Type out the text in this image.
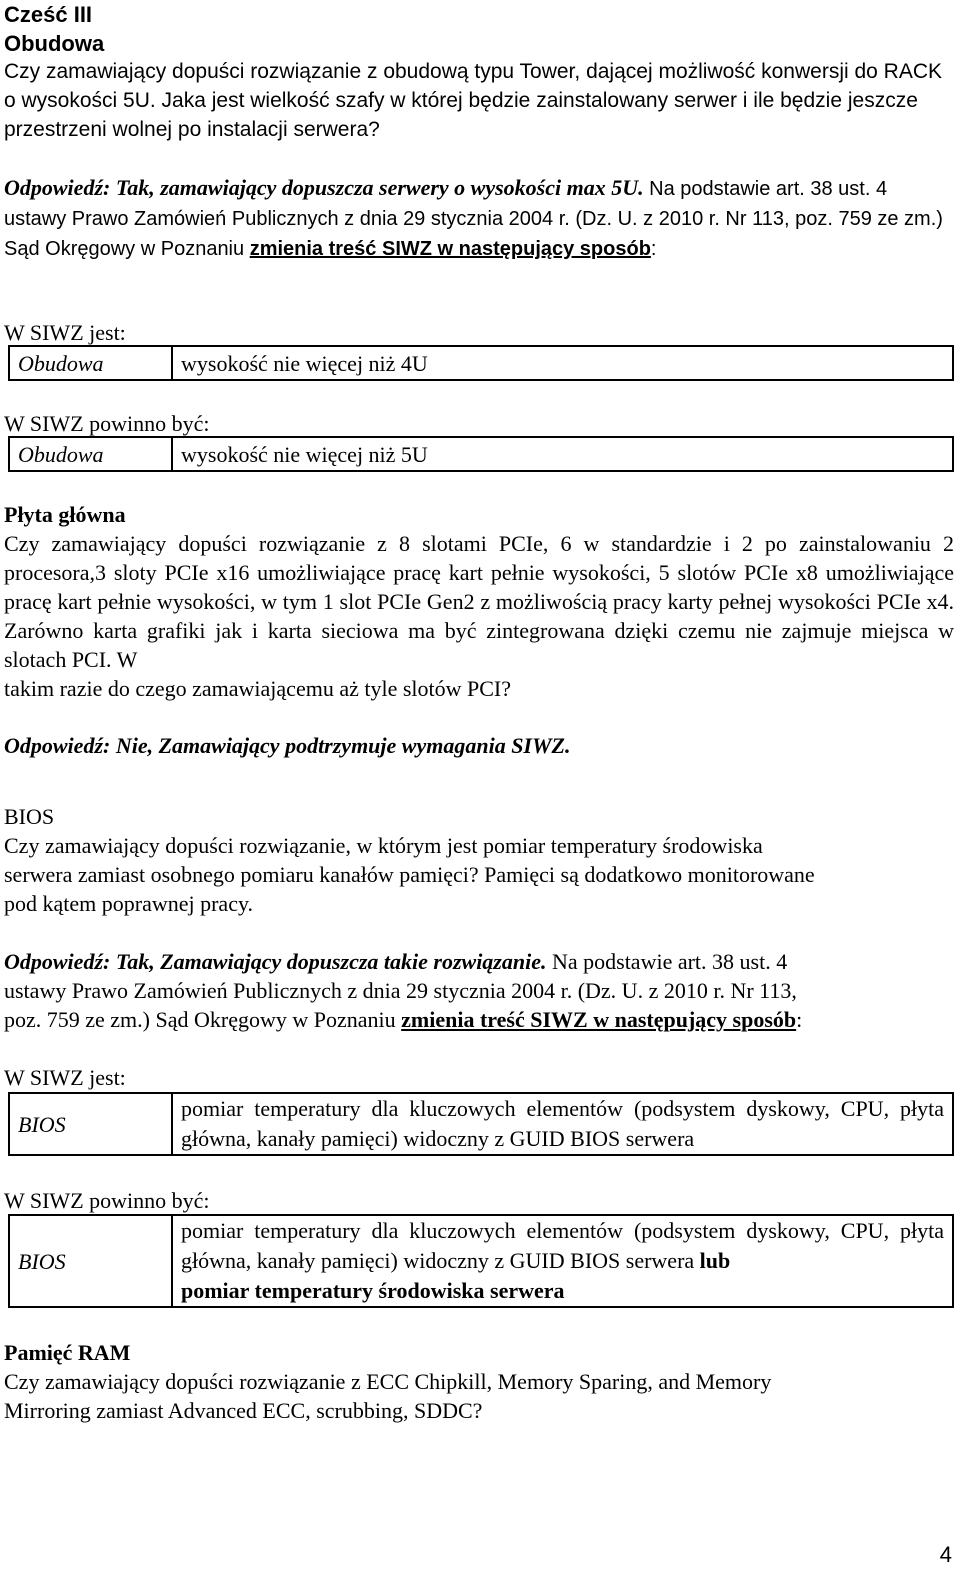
Cześć III

Obudowa

Czy zamawiający dopuści rozwiązanie z obudową typu Tower, dającej możliwość konwersji do RACK o wysokości 5U. Jaka jest wielkość szafy w której będzie zainstalowany serwer i ile będzie jeszcze przestrzeni wolnej po instalacji serwera?

Odpowiedź: Tak, zamawiający dopuszcza serwery o wysokości max 5U. Na podstawie art. 38 ust. 4 ustawy Prawo Zamówień Publicznych z dnia 29 stycznia 2004 r. (Dz. U. z 2010 r. Nr 113, poz. 759 ze zm.) Sąd Okręgowy w Poznaniu zmienia treść SIWZ w następujący sposób:

W SIWZ jest:

Obudowa	wysokość nie więcej niż 4U

W SIWZ powinno być:

Obudowa	wysokość nie więcej niż 5U

Płyta główna

Czy zamawiający dopuści rozwiązanie z 8 slotami PCIe, 6 w standardzie i 2 po zainstalowaniu 2 procesora,3 sloty PCIe x16 umożliwiające pracę kart pełnie wysokości, 5 slotów PCIe x8 umożliwiające pracę kart pełnie wysokości, w tym 1 slot PCIe Gen2 z możliwością pracy karty pełnej wysokości PCIe x4. Zarówno karta grafiki jak i karta sieciowa ma być zintegrowana dzięki czemu nie zajmuje miejsca w slotach PCI. W

takim razie do czego zamawiającemu aż tyle slotów PCI?

Odpowiedź: Nie, Zamawiający podtrzymuje wymagania SIWZ.

BIOS

Czy zamawiający dopuści rozwiązanie, w którym jest pomiar temperatury środowiska

serwera zamiast osobnego pomiaru kanałów pamięci? Pamięci są dodatkowo monitorowane

pod kątem poprawnej pracy.

Odpowiedź: Tak, Zamawiający dopuszcza takie rozwiązanie. Na podstawie art. 38 ust. 4

ustawy Prawo Zamówień Publicznych z dnia 29 stycznia 2004 r. (Dz. U. z 2010 r. Nr 113,

poz. 759 ze zm.) Sąd Okręgowy w Poznaniu zmienia treść SIWZ w następujący sposób:

W SIWZ jest:

BIOS	pomiar temperatury dla kluczowych elementów (podsystem dyskowy, CPU, płyta główna, kanały pamięci) widoczny z GUID BIOS serwera

W SIWZ powinno być:

BIOS	pomiar temperatury dla kluczowych elementów (podsystem dyskowy, CPU, płyta główna, kanały pamięci) widoczny z GUID BIOS serwera lub
pomiar temperatury środowiska serwera

Pamięć RAM

Czy zamawiający dopuści rozwiązanie z ECC Chipkill, Memory Sparing, and Memory

Mirroring zamiast Advanced ECC, scrubbing, SDDC?

4
